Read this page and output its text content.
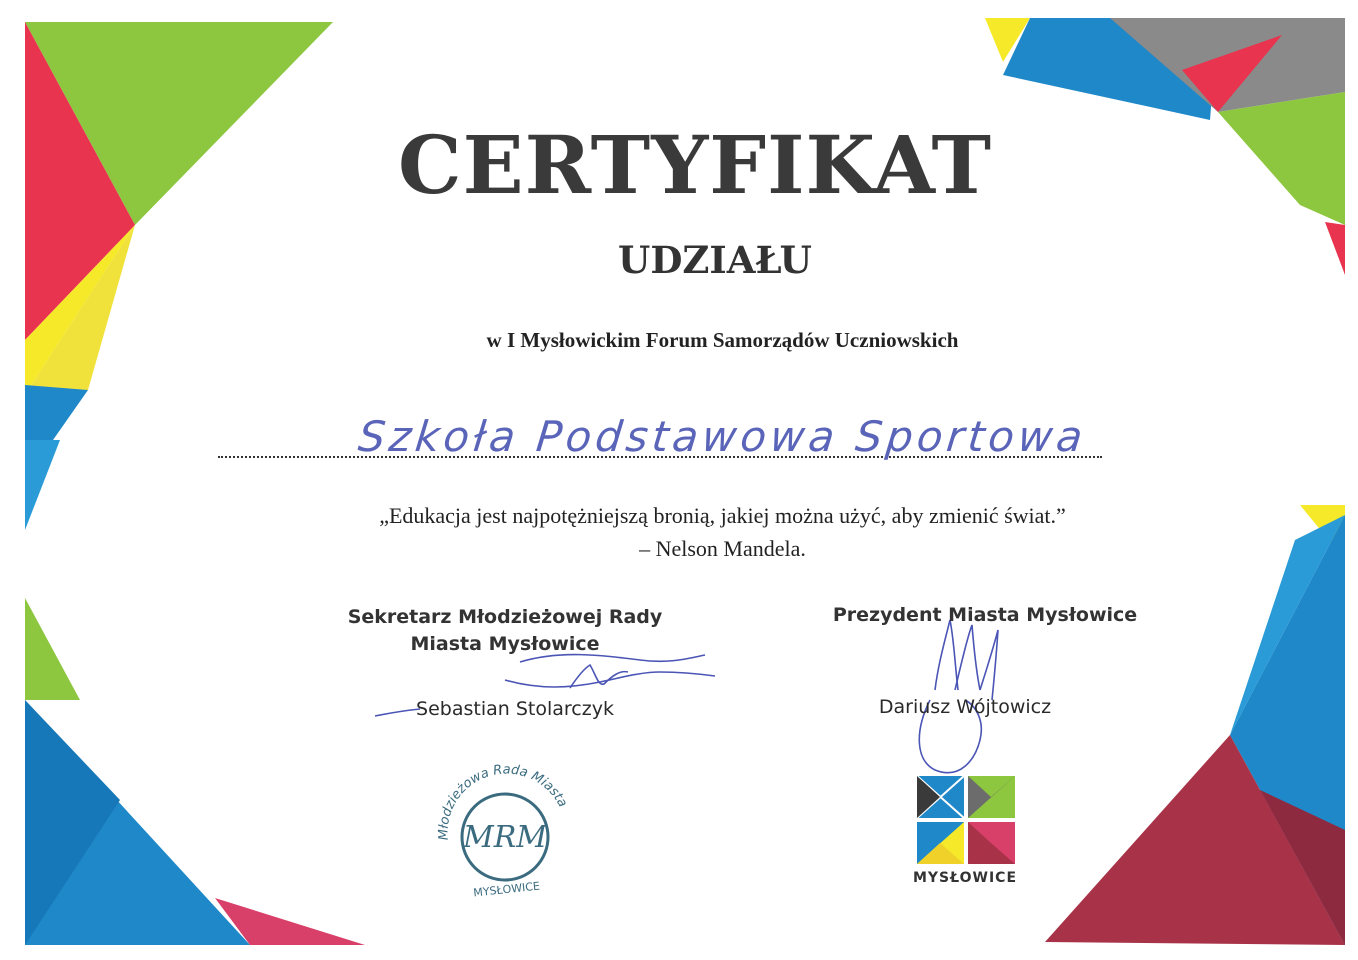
Młodzieżowa Rada Miasta
MRM
MYSŁOWICE
CERTYFIKAT
UDZIAŁU
w I Mysłowickim Forum Samorządów Uczniowskich
Szkoła Podstawowa Sportowa
„Edukacja jest najpotężniejszą bronią, jakiej można użyć, aby zmienić świat.”
– Nelson Mandela.
Sekretarz Młodzieżowej Rady
Miasta Mysłowice
Sebastian Stolarczyk
Prezydent Miasta Mysłowice
Dariusz Wójtowicz
MYSŁOWICE
